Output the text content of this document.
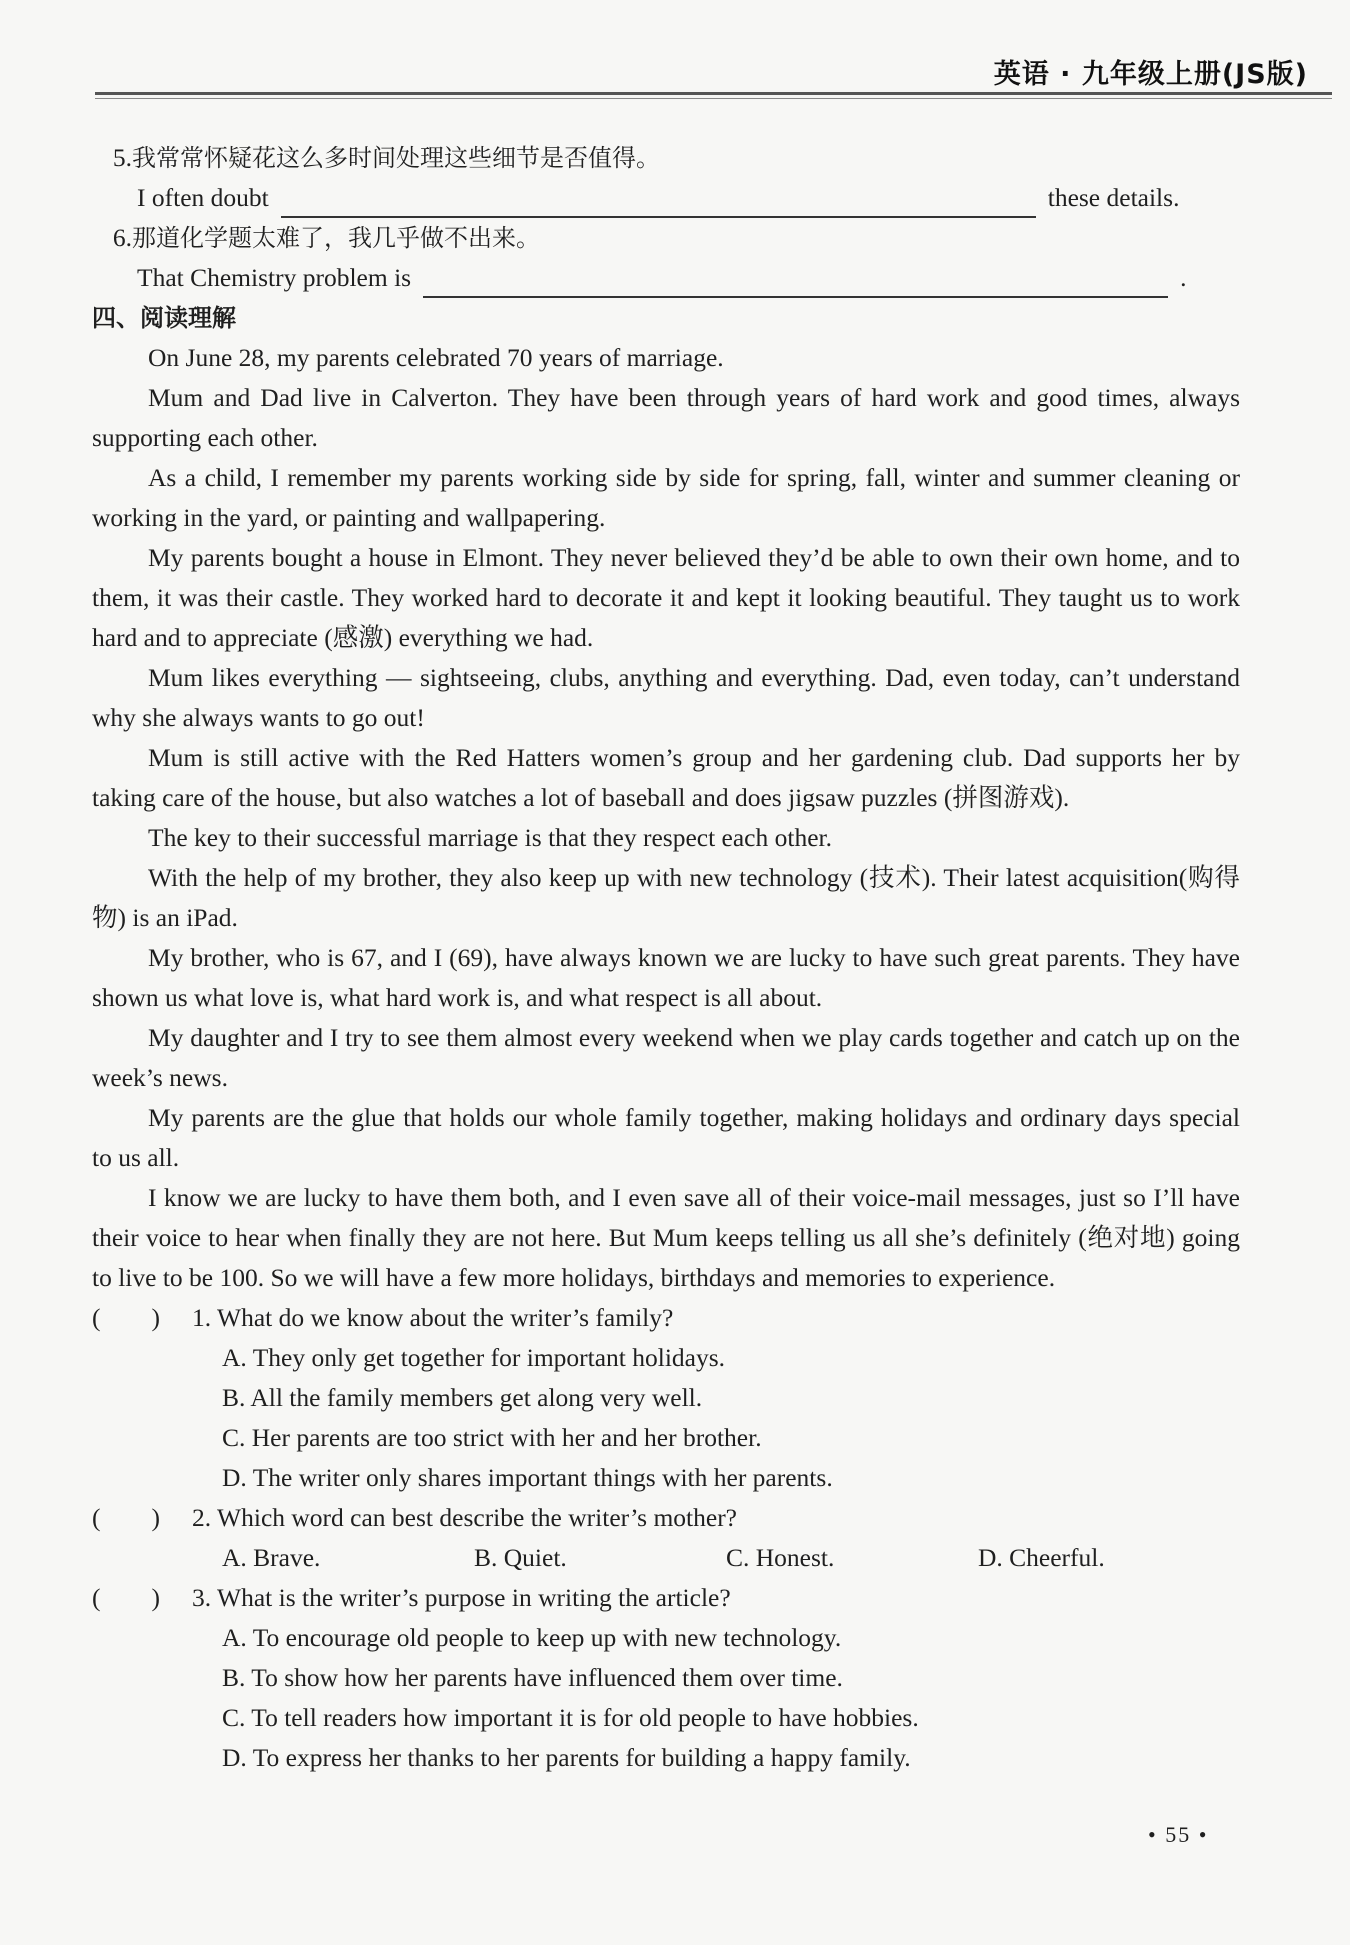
英语 · 九年级上册(JS版)
5.我常常怀疑花这么多时间处理这些细节是否值得。
I often doubt	these details.
6.那道化学题太难了，我几乎做不出来。
That Chemistry problem is	.
四、阅读理解

On June 28, my parents celebrated 70 years of marriage.

Mum and Dad live in Calverton. They have been through years of hard work and good times, always supporting each other.

As a child, I remember my parents working side by side for spring, fall, winter and summer cleaning or working in the yard, or painting and wallpapering.

My parents bought a house in Elmont. They never believed they’d be able to own their own home, and to them, it was their castle. They worked hard to decorate it and kept it looking beautiful. They taught us to work hard and to appreciate (感激) everything we had.

Mum likes everything — sightseeing, clubs, anything and everything. Dad, even today, can’t understand why she always wants to go out!

Mum is still active with the Red Hatters women’s group and her gardening club. Dad supports her by taking care of the house, but also watches a lot of baseball and does jigsaw puzzles (拼图游戏).

The key to their successful marriage is that they respect each other.

With the help of my brother, they also keep up with new technology (技术). Their latest acquisition(购得物) is an iPad.

My brother, who is 67, and I (69), have always known we are lucky to have such great parents. They have shown us what love is, what hard work is, and what respect is all about.

My daughter and I try to see them almost every weekend when we play cards together and catch up on the week’s news.

My parents are the glue that holds our whole family together, making holidays and ordinary days special to us all.

I know we are lucky to have them both, and I even save all of their voice-mail messages, just so I’ll have their voice to hear when finally they are not here. But Mum keeps telling us all she’s definitely (绝对地) going to live to be 100. So we will have a few more holidays, birthdays and memories to experience.

(　　) 1. What do we know about the writer’s family?
A. They only get together for important holidays.
B. All the family members get along very well.
C. Her parents are too strict with her and her brother.
D. The writer only shares important things with her parents.
(　　) 2. Which word can best describe the writer’s mother?
A. Brave.	B. Quiet.	C. Honest.	D. Cheerful.
(　　) 3. What is the writer’s purpose in writing the article?
A. To encourage old people to keep up with new technology.
B. To show how her parents have influenced them over time.
C. To tell readers how important it is for old people to have hobbies.
D. To express her thanks to her parents for building a happy family.
• 55 •
